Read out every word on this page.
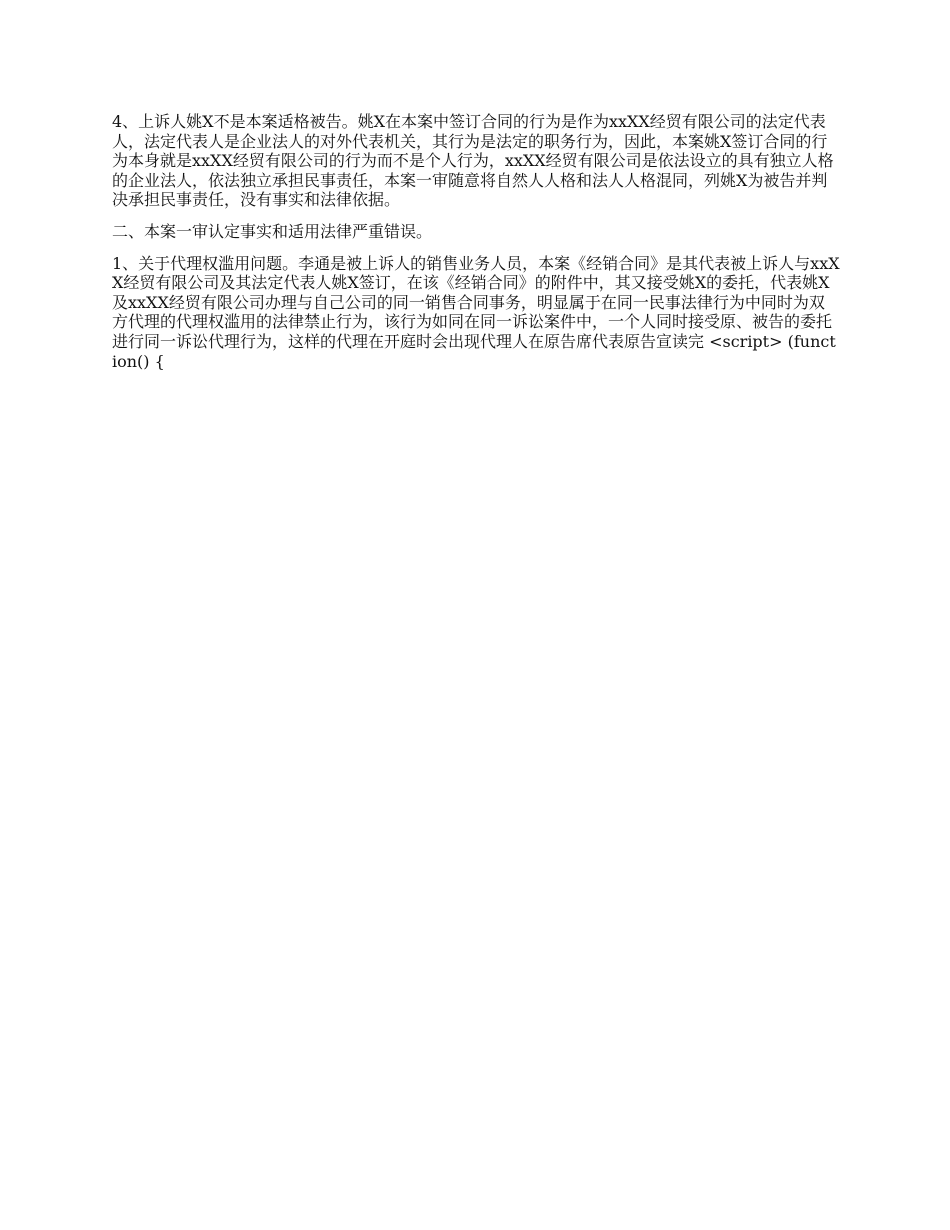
4、上诉人姚X不是本案适格被告。姚X在本案中签订合同的行为是作为xxXX经贸有限公司的法定代表人，法定代表人是企业法人的对外代表机关，其行为是法定的职务行为，因此，本案姚X签订合同的行为本身就是xxXX经贸有限公司的行为而不是个人行为，xxXX经贸有限公司是依法设立的具有独立人格的企业法人，依法独立承担民事责任，本案一审随意将自然人人格和法人人格混同，列姚X为被告并判决承担民事责任，没有事实和法律依据。

二、本案一审认定事实和适用法律严重错误。

1、关于代理权滥用问题。李通是被上诉人的销售业务人员，本案《经销合同》是其代表被上诉人与xxXX经贸有限公司及其法定代表人姚X签订，在该《经销合同》的附件中，其又接受姚X的委托，代表姚X及xxXX经贸有限公司办理与自己公司的同一销售合同事务，明显属于在同一民事法律行为中同时为双方代理的代理权滥用的法律禁止行为，该行为如同在同一诉讼案件中，一个人同时接受原、被告的委托进行同一诉讼代理行为，这样的代理在开庭时会出现代理人在原告席代表原告宣读完 <script> (function() {
